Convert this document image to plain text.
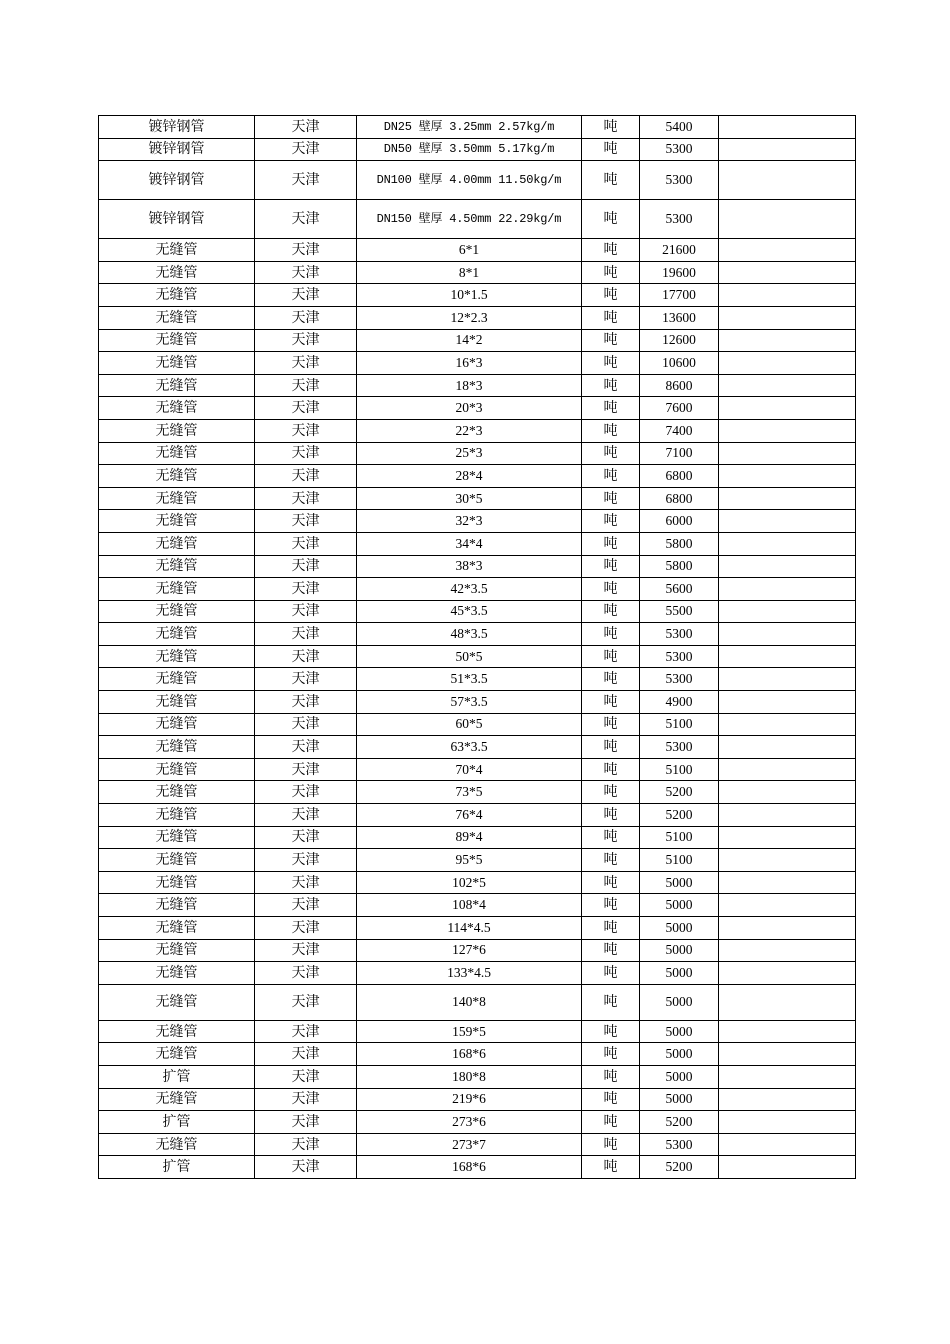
镀锌钢管	天津	DN25 壁厚 3.25mm 2.57kg/m	吨	5400	
镀锌钢管	天津	DN50 壁厚 3.50mm 5.17kg/m	吨	5300	
镀锌钢管	天津	DN100 壁厚 4.00mm 11.50kg/m	吨	5300	
镀锌钢管	天津	DN150 壁厚 4.50mm 22.29kg/m	吨	5300	
无缝管	天津	6*1	吨	21600	
无缝管	天津	8*1	吨	19600	
无缝管	天津	10*1.5	吨	17700	
无缝管	天津	12*2.3	吨	13600	
无缝管	天津	14*2	吨	12600	
无缝管	天津	16*3	吨	10600	
无缝管	天津	18*3	吨	8600	
无缝管	天津	20*3	吨	7600	
无缝管	天津	22*3	吨	7400	
无缝管	天津	25*3	吨	7100	
无缝管	天津	28*4	吨	6800	
无缝管	天津	30*5	吨	6800	
无缝管	天津	32*3	吨	6000	
无缝管	天津	34*4	吨	5800	
无缝管	天津	38*3	吨	5800	
无缝管	天津	42*3.5	吨	5600	
无缝管	天津	45*3.5	吨	5500	
无缝管	天津	48*3.5	吨	5300	
无缝管	天津	50*5	吨	5300	
无缝管	天津	51*3.5	吨	5300	
无缝管	天津	57*3.5	吨	4900	
无缝管	天津	60*5	吨	5100	
无缝管	天津	63*3.5	吨	5300	
无缝管	天津	70*4	吨	5100	
无缝管	天津	73*5	吨	5200	
无缝管	天津	76*4	吨	5200	
无缝管	天津	89*4	吨	5100	
无缝管	天津	95*5	吨	5100	
无缝管	天津	102*5	吨	5000	
无缝管	天津	108*4	吨	5000	
无缝管	天津	114*4.5	吨	5000	
无缝管	天津	127*6	吨	5000	
无缝管	天津	133*4.5	吨	5000	
无缝管	天津	140*8	吨	5000	
无缝管	天津	159*5	吨	5000	
无缝管	天津	168*6	吨	5000	
扩管	天津	180*8	吨	5000	
无缝管	天津	219*6	吨	5000	
扩管	天津	273*6	吨	5200	
无缝管	天津	273*7	吨	5300	
扩管	天津	168*6	吨	5200	
